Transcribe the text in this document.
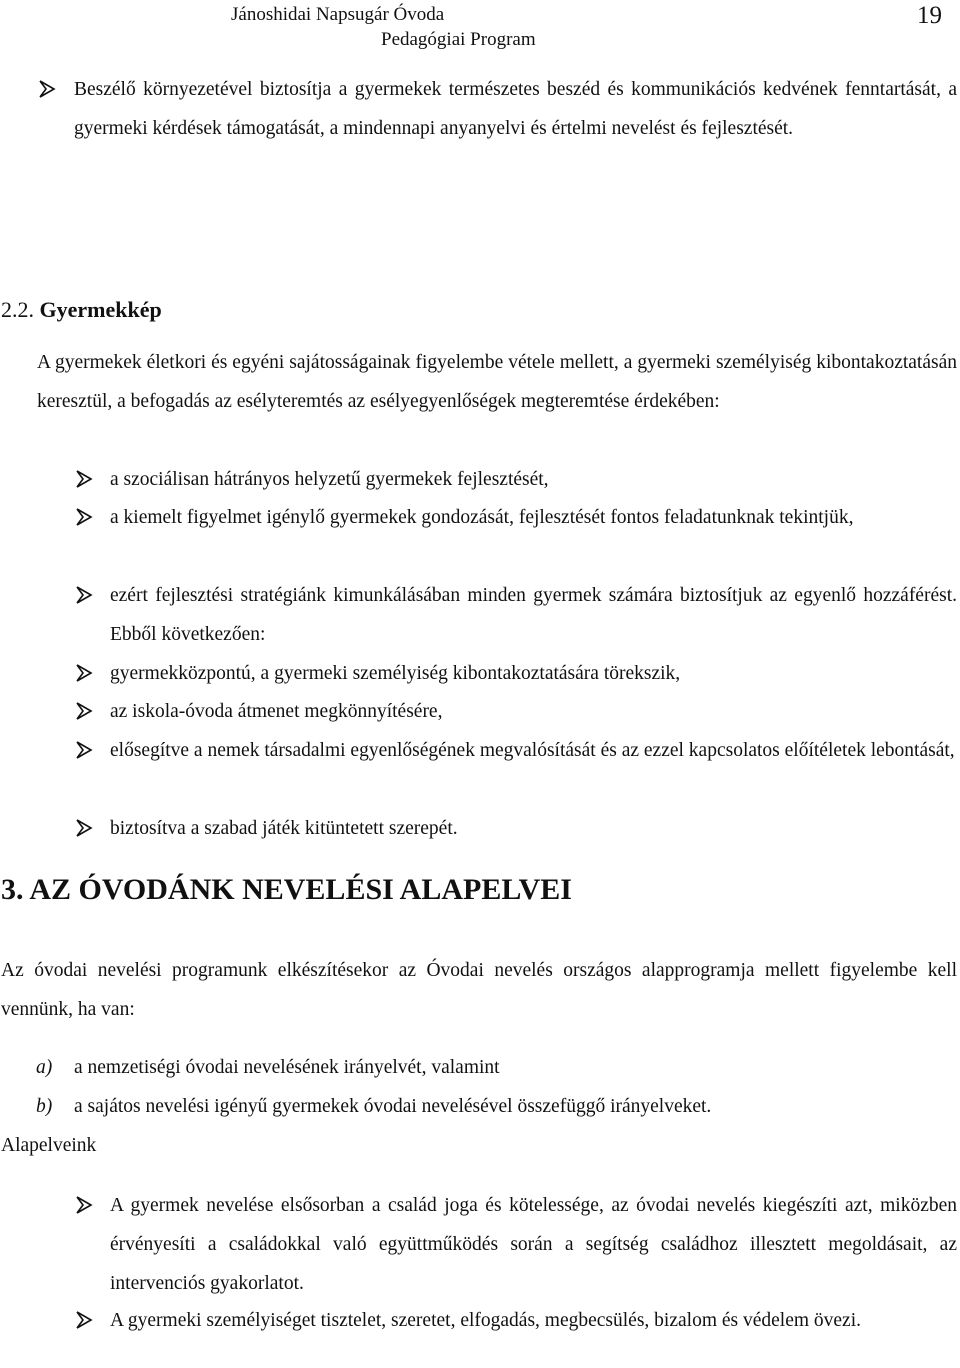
Jánoshidai Napsugár Óvoda
Pedagógiai Program
19
Beszélő környezetével biztosítja a gyermekek természetes beszéd és kommunikációs kedvének fenntartását, a gyermeki kérdések támogatását, a mindennapi anyanyelvi és értelmi nevelést és fejlesztését.
2.2. Gyermekkép
A gyermekek életkori és egyéni sajátosságainak figyelembe vétele mellett, a gyermeki személyiség kibontakoztatásán keresztül, a befogadás az esélyteremtés az esélyegyenlőségek megteremtése érdekében:
a szociálisan hátrányos helyzetű gyermekek fejlesztését,
a kiemelt figyelmet igénylő gyermekek gondozását, fejlesztését fontos feladatunknak tekintjük,
ezért fejlesztési stratégiánk kimunkálásában minden gyermek számára biztosítjuk az egyenlő hozzáférést. Ebből következően:
gyermekközpontú, a gyermeki személyiség kibontakoztatására törekszik,
az iskola-óvoda átmenet megkönnyítésére,
elősegítve a nemek társadalmi egyenlőségének megvalósítását és az ezzel kapcsolatos előítéletek lebontását,
biztosítva a szabad játék kitüntetett szerepét.
3. AZ ÓVODÁNK NEVELÉSI ALAPELVEI
Az óvodai nevelési programunk elkészítésekor az Óvodai nevelés országos alapprogramja mellett figyelembe kell vennünk, ha van:
a) a nemzetiségi óvodai nevelésének irányelvét, valamint
b) a sajátos nevelési igényű gyermekek óvodai nevelésével összefüggő irányelveket.
Alapelveink
A gyermek nevelése elsősorban a család joga és kötelessége, az óvodai nevelés kiegészíti azt, miközben érvényesíti a családokkal való együttműködés során a segítség családhoz illesztett megoldásait, az intervenciós gyakorlatot.
A gyermeki személyiséget tisztelet, szeretet, elfogadás, megbecsülés, bizalom és védelem övezi.
